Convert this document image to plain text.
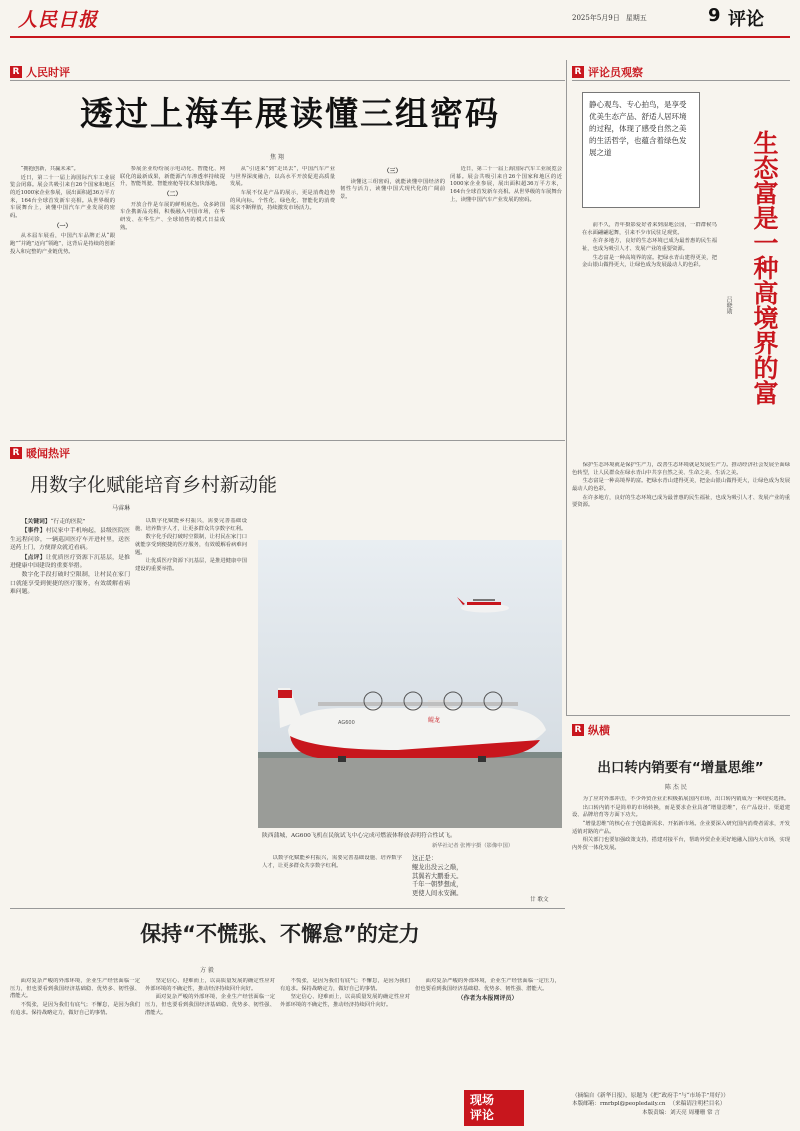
人民日报	2025年5月9日 星期五	9 评论
R 人民时评
透过上海车展读懂三组密码
焦 翔

“拥抱创新，共赢未来”。

近日，第二十一届上海国际汽车工业展览会闭幕。展会共吸引来自26个国家和地区的近1000家企业参展，展出面积超36万平方米，164台全球首发新车亮相。从世界级的车展舞台上，读懂中国汽车产业发展的密码。

（一）

从本届车展看，中国汽车品牌正从“跟跑”“并跑”迈向“领跑”，这背后是持续的创新投入和完整的产业链优势。

参展企业纷纷展示电动化、智能化、网联化的最新成果，新能源汽车渗透率持续提升，智能驾驶、智能座舱等技术加快落地。

（二）

开放合作是车展的鲜明底色。众多跨国车企携新品亮相，积极融入中国市场，在华研发、在华生产、全球销售的模式日益成熟。

从“引进来”到“走出去”，中国汽车产业与世界深度融合，以高水平开放促进高质量发展。

车展不仅是产品的展示，更是消费趋势的风向标。个性化、绿色化、智能化的消费需求不断释放，持续激发市场活力。

（三）

读懂这三组密码，就能读懂中国经济的韧性与活力，读懂中国式现代化的广阔前景。

近日，第二十一届上海国际汽车工业展览会闭幕。展会共吸引来自26个国家和地区的近1000家企业参展，展出面积超36万平方米，164台全球首发新车亮相。从世界级的车展舞台上，读懂中国汽车产业发展的密码。

R 评论员观察
静心观鸟、专心拍鸟，是享受优美生态产品、舒适人居环境的过程，体现了感受自然之美的生活哲学，也蕴含着绿色发展之道	生态富是一种高境界的富
吕晓勋

前不久，青年摄影爱好者来到湿地公园，一群群候鸟在水面翩翩起舞，引来不少市民驻足观赏。

在许多地方，良好的生态环境已成为最普惠的民生福祉，也成为吸引人才、发展产业的重要资源。

生态富是一种高境界的富。把绿水青山建得更美，把金山银山做得更大，让绿色成为发展最动人的色彩。

保护生态环境就是保护生产力，改善生态环境就是发展生产力。推动经济社会发展全面绿色转型，让人民群众在绿水青山中共享自然之美、生命之美、生活之美。

生态富是一种高境界的富。把绿水青山建得更美，把金山银山做得更大，让绿色成为发展最动人的色彩。

在许多地方，良好的生态环境已成为最普惠的民生福祉，也成为吸引人才、发展产业的重要资源。

R 暖闻热评
用数字化赋能培育乡村新动能
马睿琳

【关键词】“行走的医院”

【事件】村民家中手机响起，县级医院医生远程问诊，一辆巡回医疗车开进村里，送医送药上门，方便群众就近看病。

【点评】让优质医疗资源下沉基层，是推进健康中国建设的重要举措。

数字化手段打破时空限制，让村民在家门口就能享受到便捷的医疗服务，有效缓解看病难问题。

以数字化赋能乡村振兴，需要完善基础设施、培养数字人才，让更多群众共享数字红利。

数字化手段打破时空限制，让村民在家门口就能享受到便捷的医疗服务，有效缓解看病难问题。

让优质医疗资源下沉基层，是推进健康中国建设的重要举措。

鲲龙
AG600
陕西蒲城，AG600飞机在民航试飞中心完成可燃液体释放表明符合性试飞。
新华社记者 张博宇摄（影像中国）

以数字化赋能乡村振兴，需要完善基础设施、培养数字人才，让更多群众共享数字红利。

这正是：
鲲龙出没云之巅，
其翼若大鹏垂天。
千年一朝梦想成，
更使人间永安澜。
廿 歌文
保持“不慌张、不懈怠”的定力
方 毅

面对复杂严峻的外部环境，企业生产经营面临一定压力，但也要看到我国经济基础稳、优势多、韧性强、潜能大。

不慌张，是因为我们有底气；不懈怠，是因为我们有追求。保持战略定力，做好自己的事情。

坚定信心、迎难而上，以高质量发展的确定性应对外部环境的不确定性，推动经济持续回升向好。

面对复杂严峻的外部环境，企业生产经营面临一定压力，但也要看到我国经济基础稳、优势多、韧性强、潜能大。

不慌张，是因为我们有底气；不懈怠，是因为我们有追求。保持战略定力，做好自己的事情。

坚定信心、迎难而上，以高质量发展的确定性应对外部环境的不确定性，推动经济持续回升向好。

面对复杂严峻的外部环境，企业生产经营面临一定压力，但也要看到我国经济基础稳、优势多、韧性强、潜能大。

（作者为本报网评员）

现场
评论
R 纵横
出口转内销要有“增量思维”
陈 杰 民

为了应对外部冲击，不少外贸企业正积极拓展国内市场，出口转内销成为一种现实选择。

出口转内销不是简单的市场转换，而是要求企业具备“增量思维”，在产品设计、渠道建设、品牌培育等方面下功夫。

“增量思维”的核心在于创造新需求、开拓新市场。企业要深入研究国内消费者需求，开发适销对路的产品。

相关部门也要加强政策支持，搭建对接平台，帮助外贸企业更好地融入国内大市场，实现内外贸一体化发展。

（摘编自《新华日报》，原题为《把“政府手”与“市场手”用好》）
本版邮箱：rmrbpl@peopledaily.cn （来稿请注明栏目名）
本版责编：刘天亮 周珊珊 常 言
